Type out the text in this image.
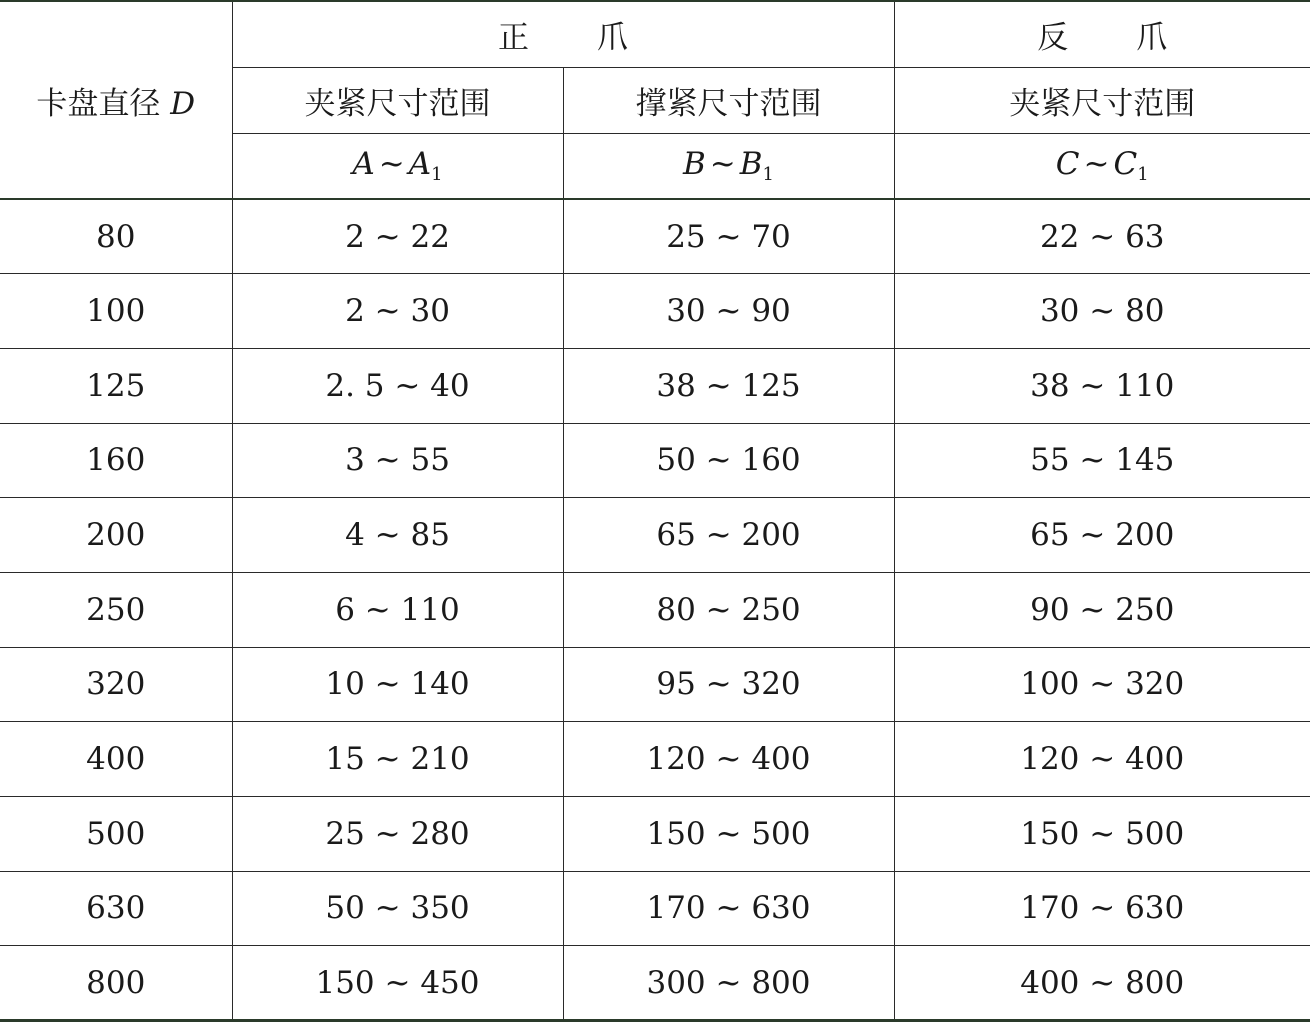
卡盘直径 D	正 爪		反 爪
	夹紧尺寸范围	撑紧尺寸范围	夹紧尺寸范围
	A ~ $A_1$	B ~ $B_1$	C ~ $C_1$
80	2 ~ 22	25 ~ 70	22 ~ 63
100	2 ~ 30	30 ~ 90	30 ~ 80
125	2. 5 ~ 40	38 ~ 125	38 ~ 110
160	3 ~ 55	50 ~ 160	55 ~ 145
200	4 ~ 85	65 ~ 200	65 ~ 200
250	6 ~ 110	80 ~ 250	90 ~ 250
320	10 ~ 140	95 ~ 320	100 ~ 320
400	15 ~ 210	120 ~ 400	120 ~ 400
500	25 ~ 280	150 ~ 500	150 ~ 500
630	50 ~ 350	170 ~ 630	170 ~ 630
800	150 ~ 450	300 ~ 800	400 ~ 800
